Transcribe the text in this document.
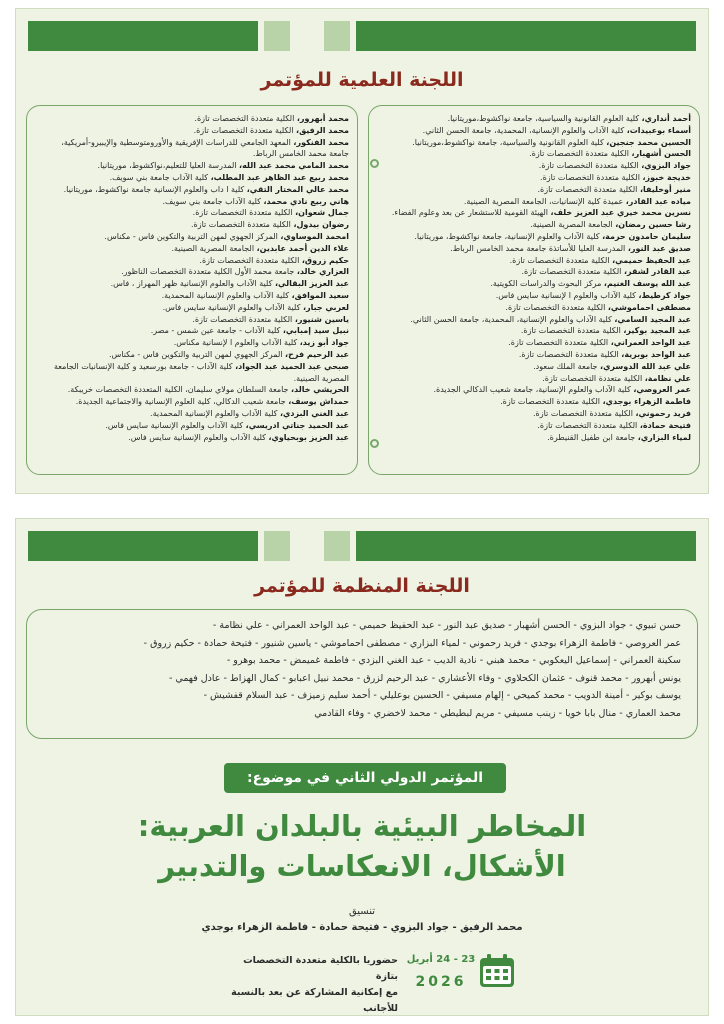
اللجنة العلمية للمؤتمر
أحمد أنداري، كلية العلوم القانونية والسياسية، جامعة نواكشوط،موريتانيا.
أسماء بوعبيدات، كلية الآداب والعلوم الإنسانية، المحمدية، جامعة الحسن الثاني.
الحسين محمد جنجين، كلية العلوم القانونية والسياسية، جامعة نواكشوط،موريتانيا.
الحسن أشهبار، الكلية متعددة التخصصات تازة.
جواد البزوي، الكلية متعددة التخصصات تازة.
خديجة خبوز، الكلية متعددة التخصصات تازة.
منير أوخليفا، الكلية متعددة التخصصات تازة.
مياده عبد القادر، عميدة كلية الإنسانيات، الجامعة المصرية الصينية.
نسرين محمد خيري عبد العزيز خلف، الهيئة القومية للاستشعار عن بعد وعلوم الفضاء.
رشا حسين رمضان، الجامعة المصرية الصينية.
سليمان حامدون حرمة، كلية الآداب والعلوم الإنسانية، جامعة نواكشوط، موريتانيا.
صديق عبد النور، المدرسة العليا للأساتذة جامعة محمد الخامس الرباط.
عبد الحفيظ حميمي، الكلية متعددة التخصصات تازة.
عبد القادر لشقر، الكلية متعددة التخصصات تازة.
عبد الله يوسف الغنيم، مركز البحوث والدراسات الكويتية.
جواد كرطيط، كلية الآداب والعلوم ا لإنسانية سايس فاس.
مصطفى احماموشي، الكلية متعددة التخصصات تازة.
عبد المجيد السامي، كلية الآداب والعلوم الإنسانية، المحمدية، جامعة الحسن الثاني.
عبد المجيد بوكير، الكلية متعددة التخصصات تازة.
عبد الواحد العمراني، الكلية متعددة التخصصات تازة.
عبد الواحد بوبرية، الكلية متعددة التخصصات تازة.
علي عبد الله الدوسري، جامعة الملك سعود.
علي نظامة، الكلية متعددة التخصصات تازة.
عمر العروصي، كلية الآداب والعلوم الإنسانية، جامعة شعيب الدكالي الجديدة.
فاطمة الزهراء بوجدي، الكلية متعددة التخصصات تازة.
فريد رحموني، الكلية متعددة التخصصات تازة.
فتيحة حمادة، الكلية متعددة التخصصات تازة.
لمياء البزاري، جامعة ابن طفيل القنيطرة.
محمد أبهرور، الكلية متعددة التخصصات تازة.
محمد الرفيق، الكلية متعددة التخصصات تازة.
محمد الفنكور، المعهد الجامعي للدراسات الإفريقية والأورومتوسطية والإيبيرو-أمريكية،
جامعة محمد الخامس الرباط.
محمد المامي محمد عبد الله، المدرسة العليا للتعليم،نواكشوط، موريتانيا.
محمد ربيع عبد الظاهر عبد المطلب، كلية الآداب جامعة بني سويف.
محمد عالي المختار التقي، كلية ا داب والعلوم الإنسانية جامعة نواكشوط، موريتانيا.
هاني ربيع نادي محمد، كلية الآداب جامعة بني سويف.
جمال شعوان، الكلية متعددة التخصصات تازة.
رضوان بيدول، الكلية متعددة التخصصات تازة.
امحمد الموساوي، المركز الجهوي لمهن التربية والتكوين فاس - مكناس.
علاء الدين أحمد عابدين، الجامعة المصرية الصينية.
حكيم زروق، الكلية متعددة التخصصات تازة.
العزاري خالد، جامعة محمد الأول الكلية متعددة التخصصات الناظور.
عبد العزيز البقالي، كلية الآداب والعلوم الإنسانية ظهر المهراز ، فاس.
سعيد الموافق، كلية الآداب والعلوم الإنسانية المحمدية.
لعربي جبار، كلية الآداب والعلوم الإنسانية سايس فاس.
ياسين شنيور، الكلية متعددة التخصصات تازة.
نبيل سيد إمبابي، كلية الآداب - جامعة عين شمس - مصر.
جواد أبو زيد، كلية الآداب والعلوم ا لإنسانية مكناس.
عبد الرحيم فرح، المركز الجهوي لمهن التربية والتكوين فاس - مكناس.
صبحي عبد الحميد عبد الجواد، كلية الآداب - جامعة بورسعيد و كلية الإنسانيات الجامعة
المصرية الصينية.
الحريشي خالد، جامعة السلطان مولاي سليمان، الكلية المتعددة التخصصات خريبكة.
حمداش يوسف، جامعة شعيب الدكالي، كلية العلوم الإنسانية والاجتماعية الجديدة.
عبد الغني البزدي، كلية الآداب والعلوم الإنسانية المحمدية.
عبد الحميد جناتي ادريسي، كلية الآداب والعلوم الإنسانية سايس فاس.
عبد العزيز بوبحياوي، كلية الآداب والعلوم الإنسانية سايس فاس.
اللجنة المنظمة للمؤتمر
حسن تبيوي - جواد البزوي - الحسن أشهبار - صديق عبد النور - عبد الحفيظ حميمي - عبد الواحد العمراني - علي نظامة -
عمر العروصي - فاطمة الزهراء بوجدي - فريد رحموني - لمياء البزاري - مصطفى احماموشي - ياسين شنيور - فتيحة حمادة - حكيم زروق -
سكينة العمراني - إسماعيل اليعكوبي - محمد هبني - نادية الديب - عبد الغني البزدي - فاطمة غميمض - محمد بوهرو -
يونس أبهرور - محمد قنوف - عثمان الكحلاوي - وفاء الأعشاري - عبد الرحيم لزرق - محمد نبيل اعبابو - كمال الهزاط - عادل فهمي -
يوسف بوكير - أمينة الدويب - محمد كميحي - إلهام مسيفي - الحسين بوعليلي - أحمد سليم زميزف - عبد السلام قفشيش -
محمد العماري - منال بابا خويا - زينب مسيفي - مريم لبطيطي - محمد لاخضري - وفاء القادمي
المؤتمر الدولي الثاني في موضوع:
المخاطر البيئية بالبلدان العربية:
الأشكال، الانعكاسات والتدبير
تنسيق
محمد الرفيق - جواد البزوي - فتيحة حمادة - فاطمة الزهراء بوجدي
23 - 24 أبريل
2026
حضوريا بالكلية متعددة التخصصات بتازة
مع إمكانية المشاركة عن بعد بالنسبة للأجانب
